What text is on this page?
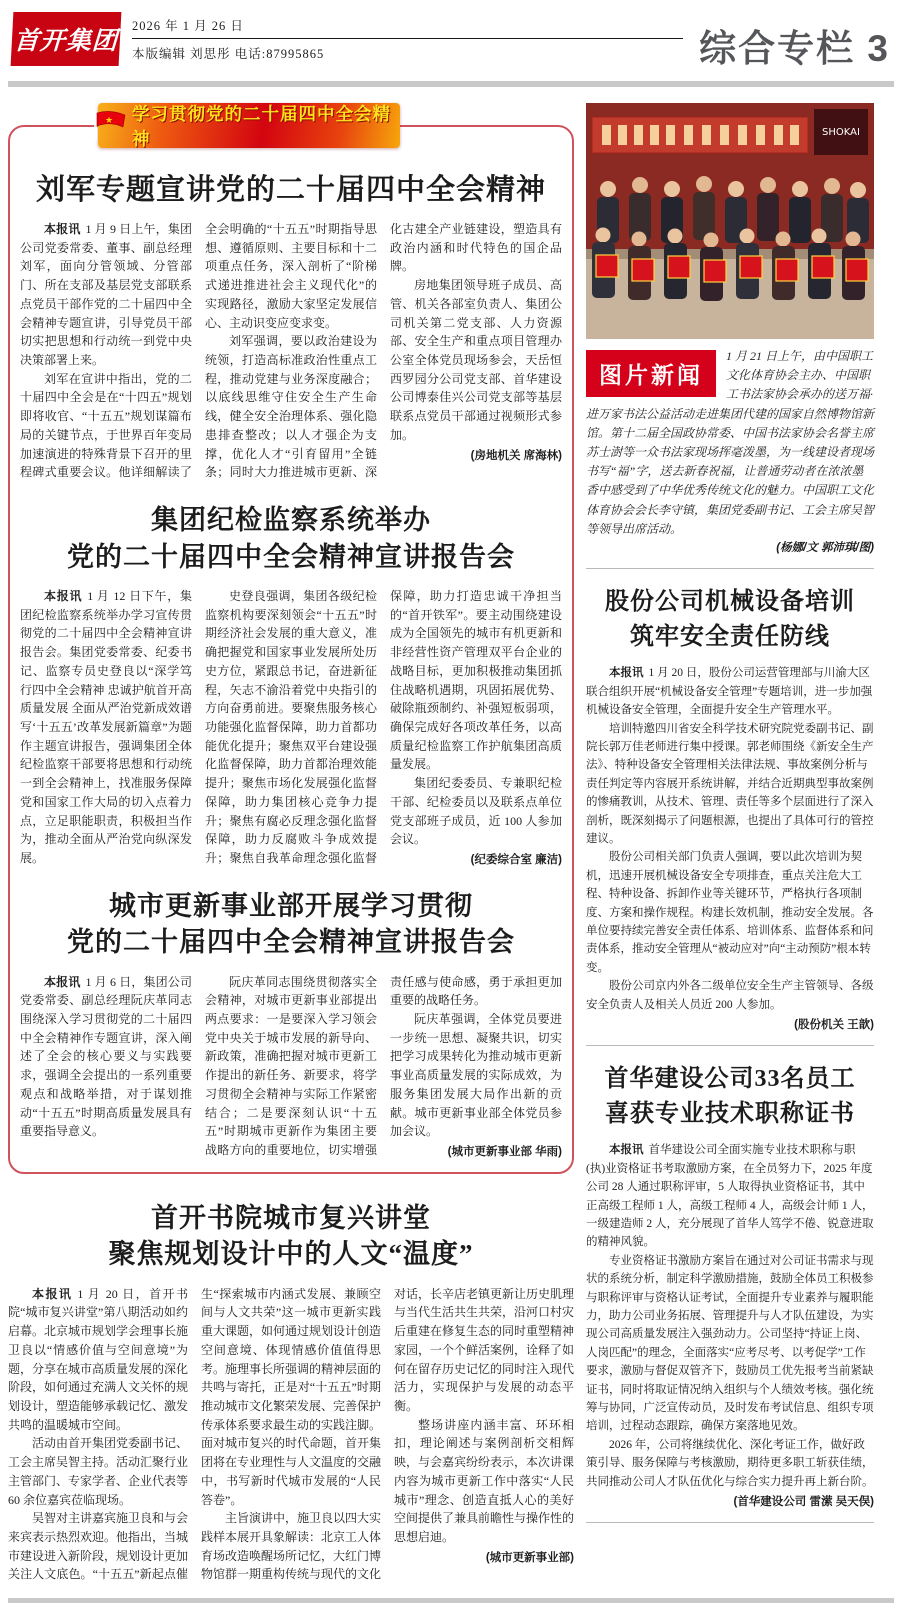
首开集团
2026 年 1 月 26 日
本版编辑 刘思彤 电话:87995865	综合专栏 3
★ 学习贯彻党的二十届四中全会精神
刘军专题宣讲党的二十届四中全会精神

本报讯 1 月 9 日上午，集团公司党委常委、董事、副总经理刘军，面向分管领域、分管部门、所在支部及基层党支部联系点党员干部作党的二十届四中全会精神专题宣讲，引导党员干部切实把思想和行动统一到党中央决策部署上来。

刘军在宣讲中指出，党的二十届四中全会是在“十四五”规划即将收官、“十五五”规划谋篇布局的关键节点，于世界百年变局加速演进的特殊背景下召开的里程碑式重要会议。他详细解读了全会明确的“十五五”时期指导思想、遵循原则、主要目标和十二项重点任务，深入剖析了“阶梯式递进推进社会主义现代化”的实现路径，激励大家坚定发展信心、主动识变应变求变。

刘军强调，要以政治建设为统领，打造高标准政治性重点工程，推动党建与业务深度融合；以底线思维守住安全生产生命线，健全安全治理体系、强化隐患排查整改；以人才强企为支撑，优化人才“引育留用”全链条；同时大力推进城市更新、深化古建全产业链建设，塑造具有政治内涵和时代特色的国企品牌。

房地集团领导班子成员、高管、机关各部室负责人、集团公司机关第二党支部、人力资源部、安全生产和重点项目管理办公室全体党员现场参会，天岳恒西罗园分公司党支部、首华建设公司博泰佳兴公司党支部等基层联系点党员干部通过视频形式参加。

(房地机关 席海林)
集团纪检监察系统举办
党的二十届四中全会精神宣讲报告会

本报讯 1 月 12 日下午，集团纪检监察系统举办学习宣传贯彻党的二十届四中全会精神宣讲报告会。集团党委常委、纪委书记、监察专员史登良以“深学笃行四中全会精神 忠诚护航首开高质量发展 全面从严治党新成效谱写‘十五五’改革发展新篇章”为题作主题宣讲报告，强调集团全体纪检监察干部要将思想和行动统一到全会精神上，找准服务保障党和国家工作大局的切入点着力点，立足职能职责，积极担当作为，推动全面从严治党向纵深发展。

史登良强调，集团各级纪检监察机构要深刻领会“十五五”时期经济社会发展的重大意义，准确把握党和国家事业发展所处历史方位，紧跟总书记，奋进新征程，矢志不渝沿着党中央指引的方向奋勇前进。要聚焦服务核心功能强化监督保障，助力首都功能优化提升；聚焦双平台建设强化监督保障，助力首都治理效能提升；聚焦市场化发展强化监督保障，助力集团核心竞争力提升；聚焦有腐必反理念强化监督保障，助力反腐败斗争成效提升；聚焦自我革命理念强化监督保障，助力打造忠诚干净担当的“首开铁军”。要主动围绕建设成为全国领先的城市有机更新和非经营性资产管理双平台企业的战略目标，更加积极推动集团抓住战略机遇期，巩固拓展优势、破除瓶颈制约、补强短板弱项，确保完成好各项改革任务，以高质量纪检监察工作护航集团高质量发展。

集团纪委委员、专兼职纪检干部、纪检委员以及联系点单位党支部班子成员，近 100 人参加会议。

(纪委综合室 廉洁)
城市更新事业部开展学习贯彻
党的二十届四中全会精神宣讲报告会

本报讯 1 月 6 日，集团公司党委常委、副总经理阮庆革同志围绕深入学习贯彻党的二十届四中全会精神作专题宣讲，深入阐述了全会的核心要义与实践要求，强调全会提出的一系列重要观点和战略举措，对于谋划推动“十五五”时期高质量发展具有重要指导意义。

阮庆革同志围绕贯彻落实全会精神，对城市更新事业部提出两点要求：一是要深入学习领会党中央关于城市发展的新导向、新政策，准确把握对城市更新工作提出的新任务、新要求，将学习贯彻全会精神与实际工作紧密结合；二是要深刻认识“十五五”时期城市更新作为集团主要战略方向的重要地位，切实增强责任感与使命感，勇于承担更加重要的战略任务。

阮庆革强调，全体党员要进一步统一思想、凝聚共识，切实把学习成果转化为推动城市更新事业高质量发展的实际成效，为服务集团发展大局作出新的贡献。城市更新事业部全体党员参加会议。

(城市更新事业部 华雨)
首开书院城市复兴讲堂
聚焦规划设计中的人文“温度”

本报讯 1 月 20 日，首开书院“城市复兴讲堂”第八期活动如约启幕。北京城市规划学会理事长施卫良以“情感价值与空间意境”为题，分享在城市高质量发展的深化阶段，如何通过充满人文关怀的规划设计，塑造能够承载记忆、激发共鸣的温暖城市空间。

活动由首开集团党委副书记、工会主席吴智主持。活动汇聚行业主管部门、专家学者、企业代表等 60 余位嘉宾莅临现场。

吴智对主讲嘉宾施卫良和与会来宾表示热烈欢迎。他指出，当城市建设进入新阶段，规划设计更加关注人文底色。“十五五”新起点催生“探索城市内涵式发展、兼顾空间与人文共荣”这一城市更新实践重大课题，如何通过规划设计创造空间意境、体现情感价值值得思考。施理事长所强调的精神层面的共鸣与寄托，正是对“十五五”时期推动城市文化繁荣发展、完善保护传承体系要求最生动的实践注脚。面对城市复兴的时代命题，首开集团将在专业理性与人文温度的交融中，书写新时代城市发展的“人民答卷”。

主旨演讲中，施卫良以四大实践样本展开具象解读：北京工人体育场改造唤醒场所记忆，大红门博物馆群一期重构传统与现代的文化对话，长辛店老镇更新让历史肌理与当代生活共生共荣，沿河口村灾后重建在修复生态的同时重塑精神家园，一个个鲜活案例，诠释了如何在留存历史记忆的同时注入现代活力，实现保护与发展的动态平衡。

整场讲座内涵丰富、环环相扣，理论阐述与案例剖析交相辉映，与会嘉宾纷纷表示，本次讲课内容为城市更新工作中落实“人民城市”理念、创造直抵人心的美好空间提供了兼具前瞻性与操作性的思想启迪。

(城市更新事业部)
SHOKAI
图片新闻
1 月 21 日上午，由中国职工文化体育协会主办、中国职工书法家协会承办的送万福·进万家书法公益活动走进集团代建的国家自然博物馆新馆。第十二届全国政协常委、中国书法家协会名誉主席苏士澍等一众书法家现场挥毫泼墨，为一线建设者现场书写“福”字，送去新春祝福，让普通劳动者在浓浓墨香中感受到了中华优秀传统文化的魅力。中国职工文化体育协会会长李守镇，集团党委副书记、工会主席吴智等领导出席活动。
(杨娜/文 郭沛琪/图)
股份公司机械设备培训
筑牢安全责任防线

本报讯 1 月 20 日，股份公司运营管理部与川渝大区联合组织开展“机械设备安全管理”专题培训，进一步加强机械设备安全管理，全面提升安全生产管理水平。

培训特邀四川省安全科学技术研究院党委副书记、副院长郭万佳老师进行集中授课。郭老师围绕《新安全生产法》、特种设备安全管理相关法律法规、事故案例分析与责任判定等内容展开系统讲解，并结合近期典型事故案例的惨痛教训，从技术、管理、责任等多个层面进行了深入剖析，既深刻揭示了问题根源，也提出了具体可行的管控建议。

股份公司相关部门负责人强调，要以此次培训为契机，迅速开展机械设备安全专项排查，重点关注危大工程、特种设备、拆卸作业等关键环节，严格执行各项制度、方案和操作规程。构建长效机制，推动安全发展。各单位要持续完善安全责任体系、培训体系、监督体系和问责体系，推动安全管理从“被动应对”向“主动预防”根本转变。

股份公司京内外各二级单位安全生产主管领导、各级安全负责人及相关人员近 200 人参加。

(股份机关 王歆)
首华建设公司33名员工
喜获专业技术职称证书

本报讯 首华建设公司全面实施专业技术职称与职(执)业资格证书考取激励方案，在全员努力下，2025 年度公司 28 人通过职称评审，5 人取得执业资格证书，其中正高级工程师 1 人，高级工程师 4 人，高级会计师 1 人，一级建造师 2 人，充分展现了首华人笃学不倦、锐意进取的精神风貌。

专业资格证书激励方案旨在通过对公司证书需求与现状的系统分析，制定科学激励措施，鼓励全体员工积极参与职称评审与资格认证考试，全面提升专业素养与履职能力，助力公司业务拓展、管理提升与人才队伍建设，为实现公司高质量发展注入强劲动力。公司坚持“持证上岗、人岗匹配”的理念，全面落实“应考尽考、以考促学”工作要求，激励与督促双管齐下，鼓励员工优先报考当前紧缺证书，同时将取证情况纳入组织与个人绩效考核。强化统筹与协同，广泛宣传动员，及时发布考试信息、组织专项培训，过程动态跟踪，确保方案落地见效。

2026 年，公司将继续优化、深化考证工作，做好政策引导、服务保障与考核激励，期待更多职工斩获佳绩，共同推动公司人才队伍优化与综合实力提升再上新台阶。

(首华建设公司 雷潆 吴天俣)
